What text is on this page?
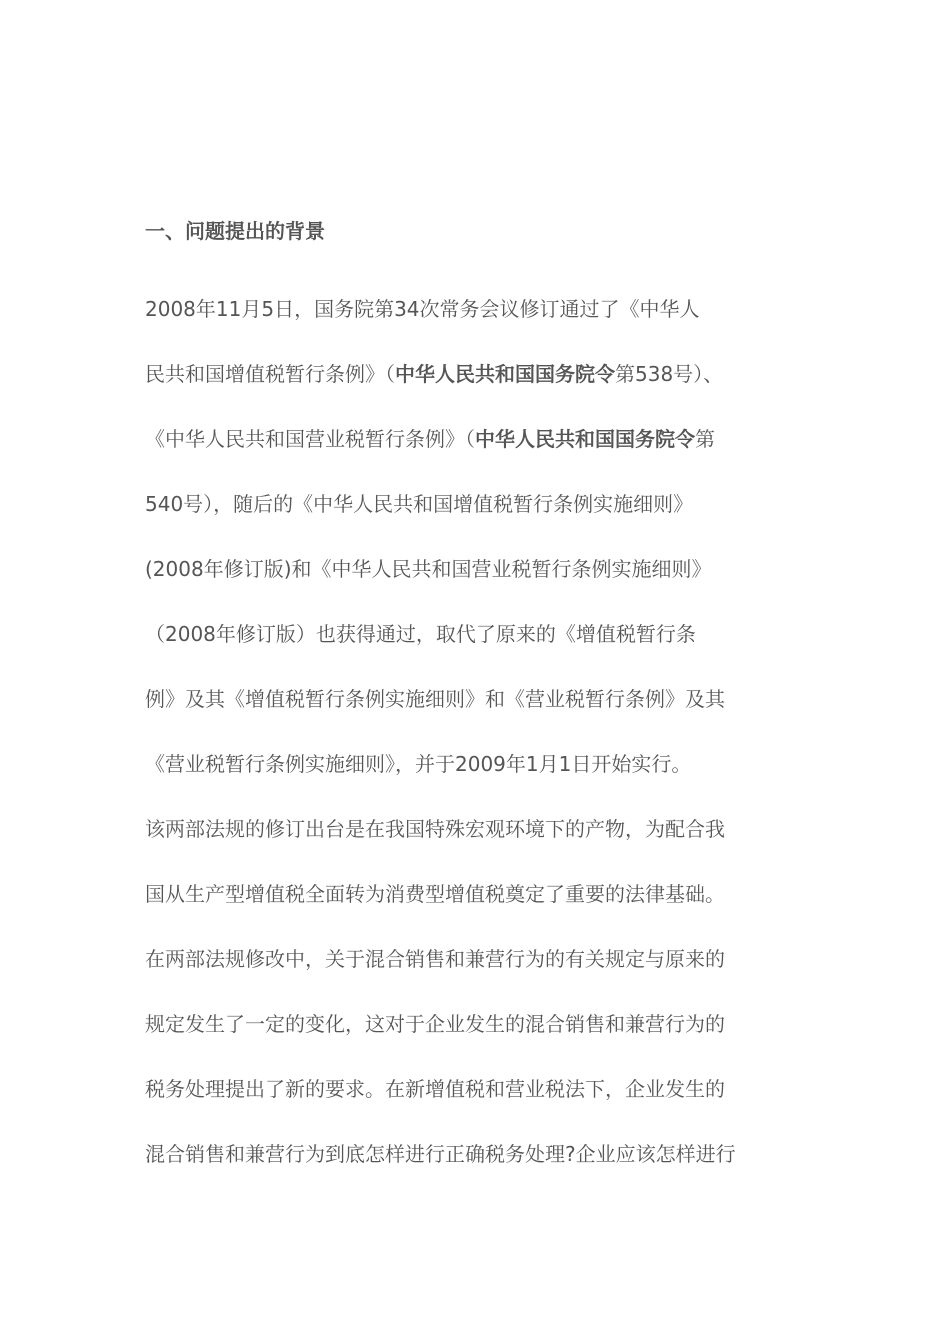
一、问题提出的背景
2008年11月5日，国务院第34次常务会议修订通过了《中华人
民共和国增值税暂行条例》（中华人民共和国国务院令第538号）、
《中华人民共和国营业税暂行条例》（中华人民共和国国务院令第
540号），随后的《中华人民共和国增值税暂行条例实施细则》
(2008年修订版)和《中华人民共和国营业税暂行条例实施细则》
（2008年修订版）也获得通过，取代了原来的《增值税暂行条
例》及其《增值税暂行条例实施细则》和《营业税暂行条例》及其
《营业税暂行条例实施细则》，并于2009年1月1日开始实行。
该两部法规的修订出台是在我国特殊宏观环境下的产物，为配合我
国从生产型增值税全面转为消费型增值税奠定了重要的法律基础。
在两部法规修改中，关于混合销售和兼营行为的有关规定与原来的
规定发生了一定的变化，这对于企业发生的混合销售和兼营行为的
税务处理提出了新的要求。在新增值税和营业税法下，企业发生的
混合销售和兼营行为到底怎样进行正确税务处理?企业应该怎样进行
